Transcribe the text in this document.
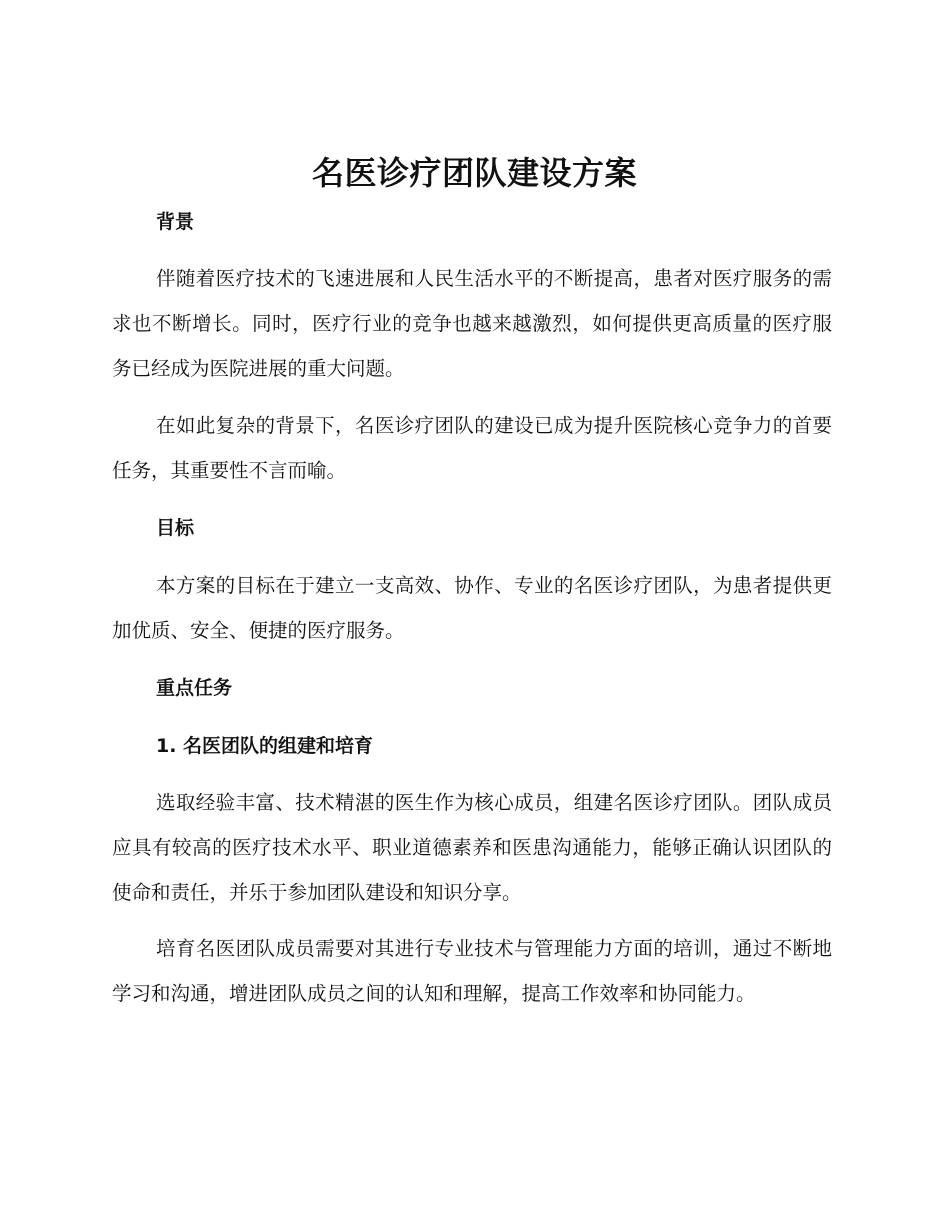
名医诊疗团队建设方案
背景

伴随着医疗技术的飞速进展和人民生活水平的不断提高，患者对医疗服务的需求也不断增长。同时，医疗行业的竞争也越来越激烈，如何提供更高质量的医疗服务已经成为医院进展的重大问题。

在如此复杂的背景下，名医诊疗团队的建设已成为提升医院核心竞争力的首要任务，其重要性不言而喻。

目标

本方案的目标在于建立一支高效、协作、专业的名医诊疗团队，为患者提供更加优质、安全、便捷的医疗服务。

重点任务
1. 名医团队的组建和培育

选取经验丰富、技术精湛的医生作为核心成员，组建名医诊疗团队。团队成员应具有较高的医疗技术水平、职业道德素养和医患沟通能力，能够正确认识团队的使命和责任，并乐于参加团队建设和知识分享。

培育名医团队成员需要对其进行专业技术与管理能力方面的培训，通过不断地学习和沟通，增进团队成员之间的认知和理解，提高工作效率和协同能力。
